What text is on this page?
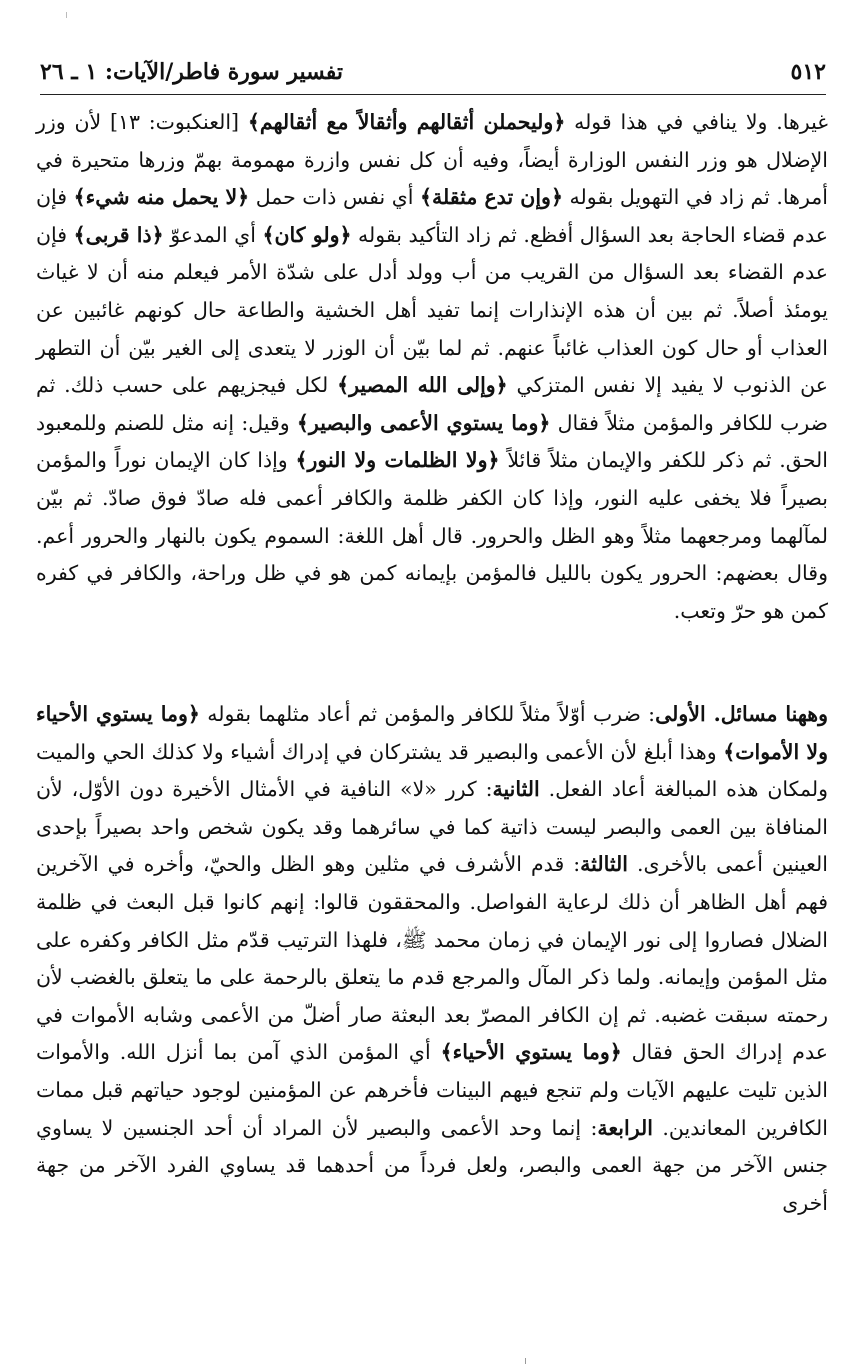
٥١٢
تفسير سورة فاطر/الآيات: ١ ـ ٢٦

غيرها. ولا ينافي في هذا قوله ﴿وليحملن أثقالهم وأثقالاً مع أثقالهم﴾ [العنكبوت: ١٣] لأن وزر الإضلال هو وزر النفس الوزارة أيضاً، وفيه أن كل نفس وازرة مهمومة بهمّ وزرها متحيرة في أمرها. ثم زاد في التهويل بقوله ﴿وإن تدع مثقلة﴾ أي نفس ذات حمل ﴿لا يحمل منه شيء﴾ فإن عدم قضاء الحاجة بعد السؤال أفظع. ثم زاد التأكيد بقوله ﴿ولو كان﴾ أي المدعوّ ﴿ذا قربى﴾ فإن عدم القضاء بعد السؤال من القريب من أب وولد أدل على شدّة الأمر فيعلم منه أن لا غياث يومئذ أصلاً. ثم بين أن هذه الإنذارات إنما تفيد أهل الخشية والطاعة حال كونهم غائبين عن العذاب أو حال كون العذاب غائباً عنهم. ثم لما بيّن أن الوزر لا يتعدى إلى الغير بيّن أن التطهر عن الذنوب لا يفيد إلا نفس المتزكي ﴿وإلى الله المصير﴾ لكل فيجزيهم على حسب ذلك. ثم ضرب للكافر والمؤمن مثلاً فقال ﴿وما يستوي الأعمى والبصير﴾ وقيل: إنه مثل للصنم وللمعبود الحق. ثم ذكر للكفر والإيمان مثلاً قائلاً ﴿ولا الظلمات ولا النور﴾ وإذا كان الإيمان نوراً والمؤمن بصيراً فلا يخفى عليه النور، وإذا كان الكفر ظلمة والكافر أعمى فله صادّ فوق صادّ. ثم بيّن لمآلهما ومرجعهما مثلاً وهو الظل والحرور. قال أهل اللغة: السموم يكون بالنهار والحرور أعم. وقال بعضهم: الحرور يكون بالليل فالمؤمن بإيمانه كمن هو في ظل وراحة، والكافر في كفره كمن هو حرّ وتعب.

وههنا مسائل. الأولى: ضرب أوّلاً مثلاً للكافر والمؤمن ثم أعاد مثلهما بقوله ﴿وما يستوي الأحياء ولا الأموات﴾ وهذا أبلغ لأن الأعمى والبصير قد يشتركان في إدراك أشياء ولا كذلك الحي والميت ولمكان هذه المبالغة أعاد الفعل. الثانية: كرر «لا» النافية في الأمثال الأخيرة دون الأوّل، لأن المنافاة بين العمى والبصر ليست ذاتية كما في سائرهما وقد يكون شخص واحد بصيراً بإحدى العينين أعمى بالأخرى. الثالثة: قدم الأشرف في مثلين وهو الظل والحيّ، وأخره في الآخرين فهم أهل الظاهر أن ذلك لرعاية الفواصل. والمحققون قالوا: إنهم كانوا قبل البعث في ظلمة الضلال فصاروا إلى نور الإيمان في زمان محمد ﷺ، فلهذا الترتيب قدّم مثل الكافر وكفره على مثل المؤمن وإيمانه. ولما ذكر المآل والمرجع قدم ما يتعلق بالرحمة على ما يتعلق بالغضب لأن رحمته سبقت غضبه. ثم إن الكافر المصرّ بعد البعثة صار أضلّ من الأعمى وشابه الأموات في عدم إدراك الحق فقال ﴿وما يستوي الأحياء﴾ أي المؤمن الذي آمن بما أنزل الله. والأموات الذين تليت عليهم الآيات ولم تنجع فيهم البينات فأخرهم عن المؤمنين لوجود حياتهم قبل ممات الكافرين المعاندين. الرابعة: إنما وحد الأعمى والبصير لأن المراد أن أحد الجنسين لا يساوي جنس الآخر من جهة العمى والبصر، ولعل فرداً من أحدهما قد يساوي الفرد الآخر من جهة أخرى
